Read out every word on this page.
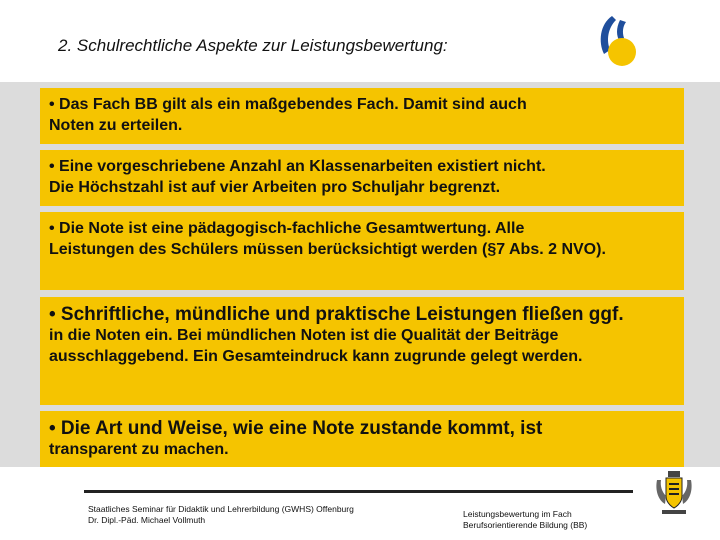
2. Schulrechtliche Aspekte zur Leistungsbewertung:
• Das Fach BB gilt als ein maßgebendes Fach. Damit sind auch
Noten zu erteilen.
• Eine vorgeschriebene Anzahl an Klassenarbeiten existiert nicht.
Die Höchstzahl ist auf vier Arbeiten pro Schuljahr begrenzt.
• Die Note ist eine pädagogisch-fachliche Gesamtwertung. Alle
Leistungen des Schülers müssen berücksichtigt werden (§7 Abs. 2 NVO).
• Schriftliche, mündliche und praktische Leistungen fließen ggf.
in die Noten ein. Bei mündlichen Noten ist die Qualität der Beiträge ausschlaggebend. Ein Gesamteindruck kann zugrunde gelegt werden.
• Die Art und Weise, wie eine Note zustande kommt, ist
transparent zu machen.
Staatliches Seminar für Didaktik und Lehrerbildung (GWHS) Offenburg
Dr. Dipl.-Päd. Michael Vollmuth
Leistungsbewertung im Fach
Berufsorientierende Bildung (BB)
